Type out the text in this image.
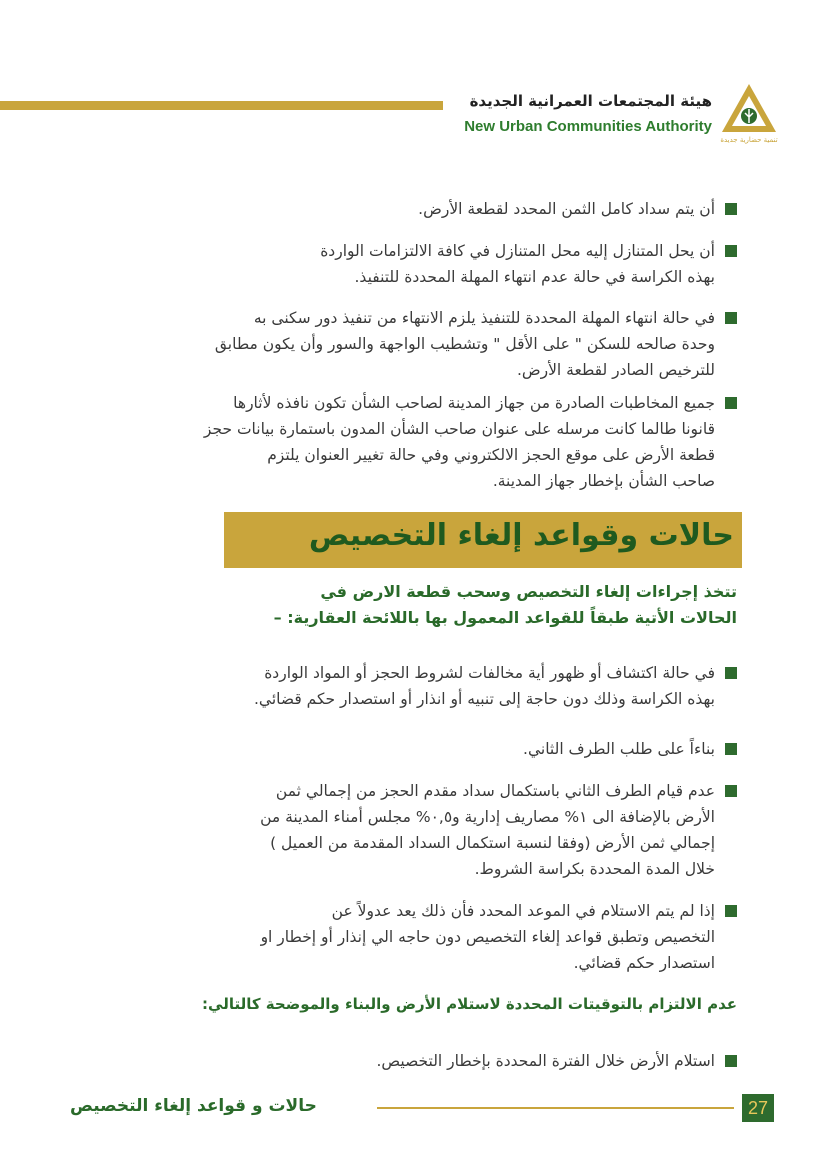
تنمية حضارية جديدة
هيئة المجتمعات العمرانية الجديدة
New Urban Communities Authority

أن يتم سداد كامل الثمن المحدد لقطعة الأرض.

أن يحل المتنازل إليه محل المتنازل في كافة الالتزامات الواردة

بهذه الكراسة في حالة عدم انتهاء المهلة المحددة للتنفيذ.

في حالة انتهاء المهلة المحددة للتنفيذ يلزم الانتهاء من تنفيذ دور سكنى به

وحدة صالحه للسكن " على الأقل " وتشطيب الواجهة والسور وأن يكون مطابق

للترخيص الصادر لقطعة الأرض.

جميع المخاطبات الصادرة من جهاز المدينة لصاحب الشأن تكون نافذه لأثارها

قانونا طالما كانت مرسله على عنوان صاحب الشأن المدون باستمارة بيانات حجز

قطعة الأرض على موقع الحجز الالكتروني وفي حالة تغيير العنوان يلتزم

صاحب الشأن بإخطار جهاز المدينة.

حالات وقواعد إلغاء التخصيص
تتخذ إجراءات إلغاء التخصيص وسحب قطعة الارض في
الحالات الأتية طبقاً للقواعد المعمول بها باللائحة العقارية: –

في حالة اكتشاف أو ظهور أية مخالفات لشروط الحجز أو المواد الواردة

بهذه الكراسة وذلك دون حاجة إلى تنبيه أو انذار أو استصدار حكم قضائي.

بناءاً على طلب الطرف الثاني.

عدم قيام الطرف الثاني باستكمال سداد مقدم الحجز من إجمالي ثمن

الأرض بالإضافة الى ١% مصاريف إدارية و٠,٥% مجلس أمناء المدينة من

إجمالي ثمن الأرض (وفقا لنسبة استكمال السداد المقدمة من العميل )

خلال المدة المحددة بكراسة الشروط.

إذا لم يتم الاستلام في الموعد المحدد فأن ذلك يعد عدولاً عن

التخصيص وتطبق قواعد إلغاء التخصيص دون حاجه الي إنذار أو إخطار او

استصدار حكم قضائي.

عدم الالتزام بالتوقيتات المحددة لاستلام الأرض والبناء والموضحة كالتالي:

استلام الأرض خلال الفترة المحددة بإخطار التخصيص.

حالات و قواعد إلغاء التخصيص	27
